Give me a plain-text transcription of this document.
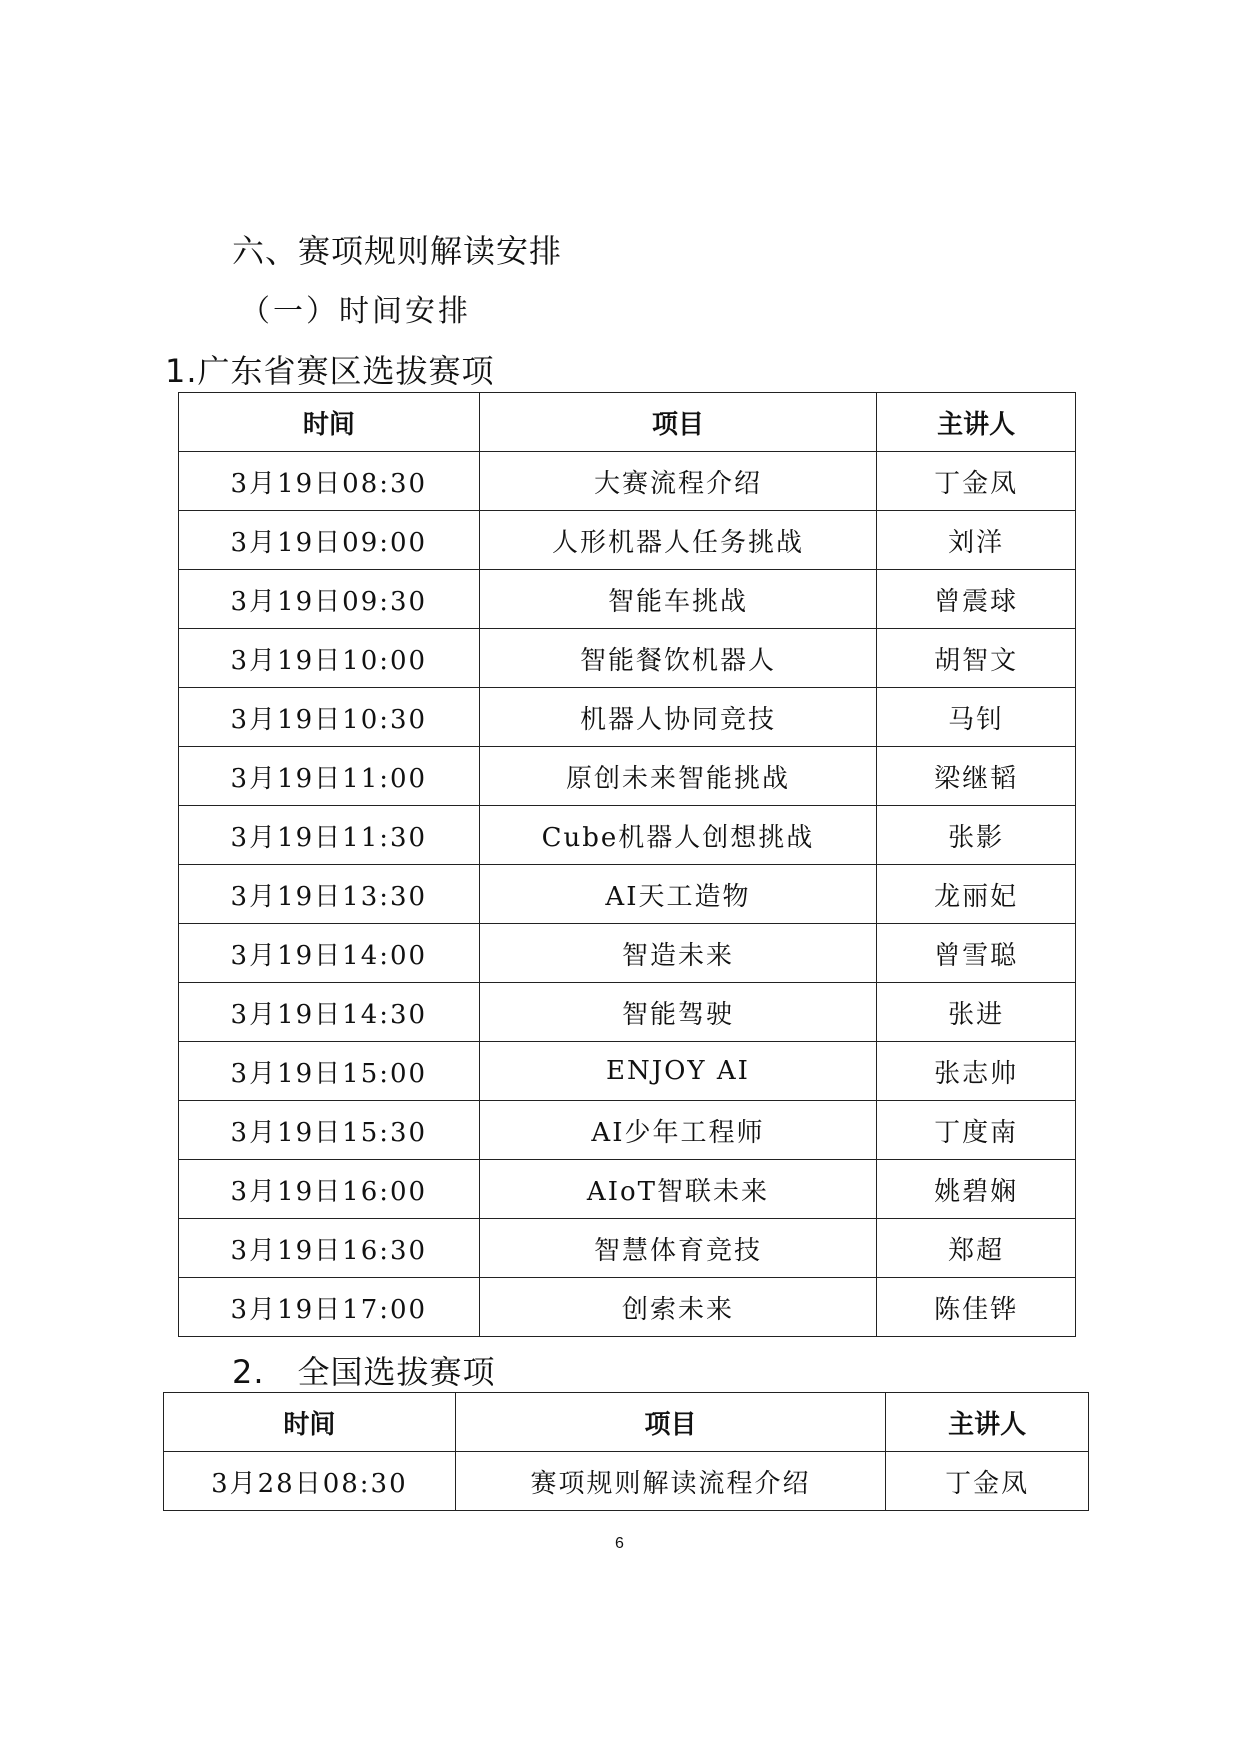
六、赛项规则解读安排
（一）时间安排
1.广东省赛区选拔赛项
时间	项目	主讲人
3月19日08:30	大赛流程介绍	丁金凤
3月19日09:00	人形机器人任务挑战	刘洋
3月19日09:30	智能车挑战	曾震球
3月19日10:00	智能餐饮机器人	胡智文
3月19日10:30	机器人协同竞技	马钊
3月19日11:00	原创未来智能挑战	梁继韬
3月19日11:30	Cube机器人创想挑战	张影
3月19日13:30	AI天工造物	龙丽妃
3月19日14:00	智造未来	曾雪聪
3月19日14:30	智能驾驶	张进
3月19日15:00	ENJOY AI	张志帅
3月19日15:30	AI少年工程师	丁度南
3月19日16:00	AIoT智联未来	姚碧娴
3月19日16:30	智慧体育竞技	郑超
3月19日17:00	创索未来	陈佳铧
2.　全国选拔赛项
时间	项目	主讲人
3月28日08:30	赛项规则解读流程介绍	丁金凤
6
